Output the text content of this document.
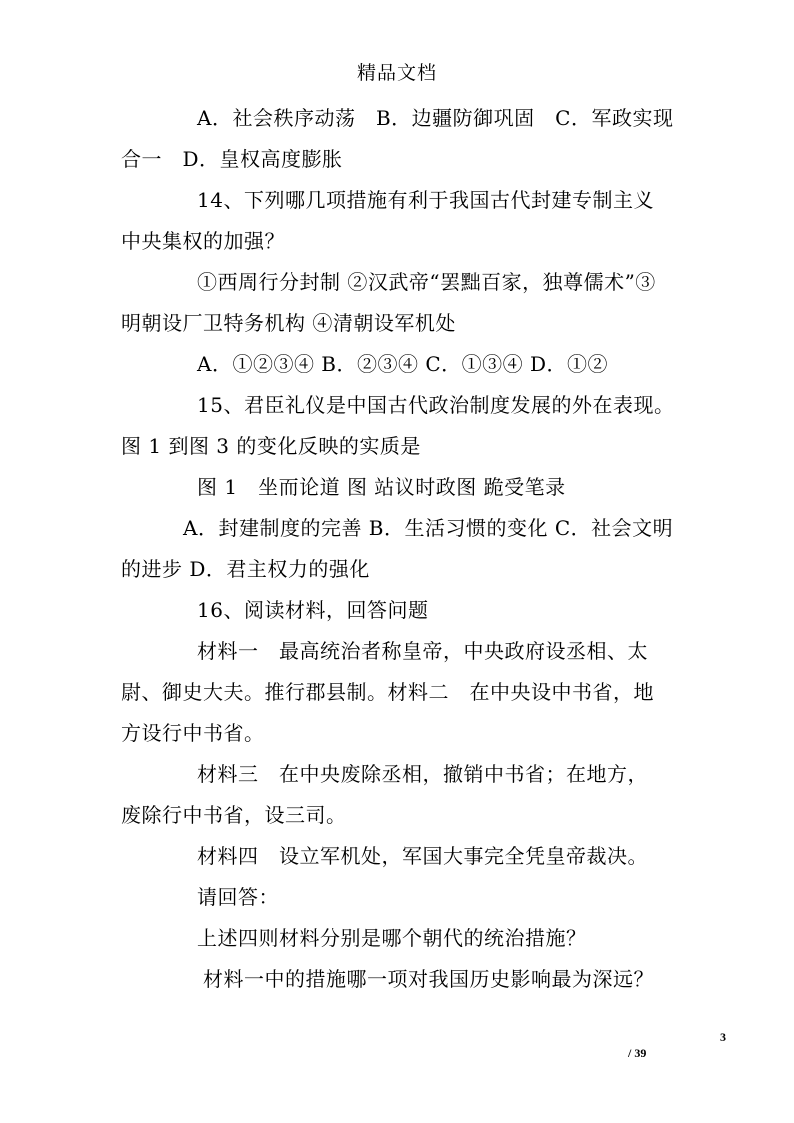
精品文档
A．社会秩序动荡　B．边疆防御巩固　C．军政实现
合一　D．皇权高度膨胀
14、下列哪几项措施有利于我国古代封建专制主义
中央集权的加强？
①西周行分封制 ②汉武帝“罢黜百家，独尊儒术”③
明朝设厂卫特务机构 ④清朝设军机处
A．①②③④ B．②③④ C．①③④ D．①②
15、君臣礼仪是中国古代政治制度发展的外在表现。
图 1 到图 3 的变化反映的实质是
图 1　坐而论道 图 站议时政图 跪受笔录
A．封建制度的完善 B．生活习惯的变化 C．社会文明
的进步 D．君主权力的强化
16、阅读材料，回答问题
材料一　最高统治者称皇帝，中央政府设丞相、太
尉、御史大夫。推行郡县制。材料二　在中央设中书省，地
方设行中书省。
材料三　在中央废除丞相，撤销中书省；在地方，
废除行中书省，设三司。
材料四　设立军机处，军国大事完全凭皇帝裁决。
请回答：
上述四则材料分别是哪个朝代的统治措施？
材料一中的措施哪一项对我国历史影响最为深远？
3
/ 39
